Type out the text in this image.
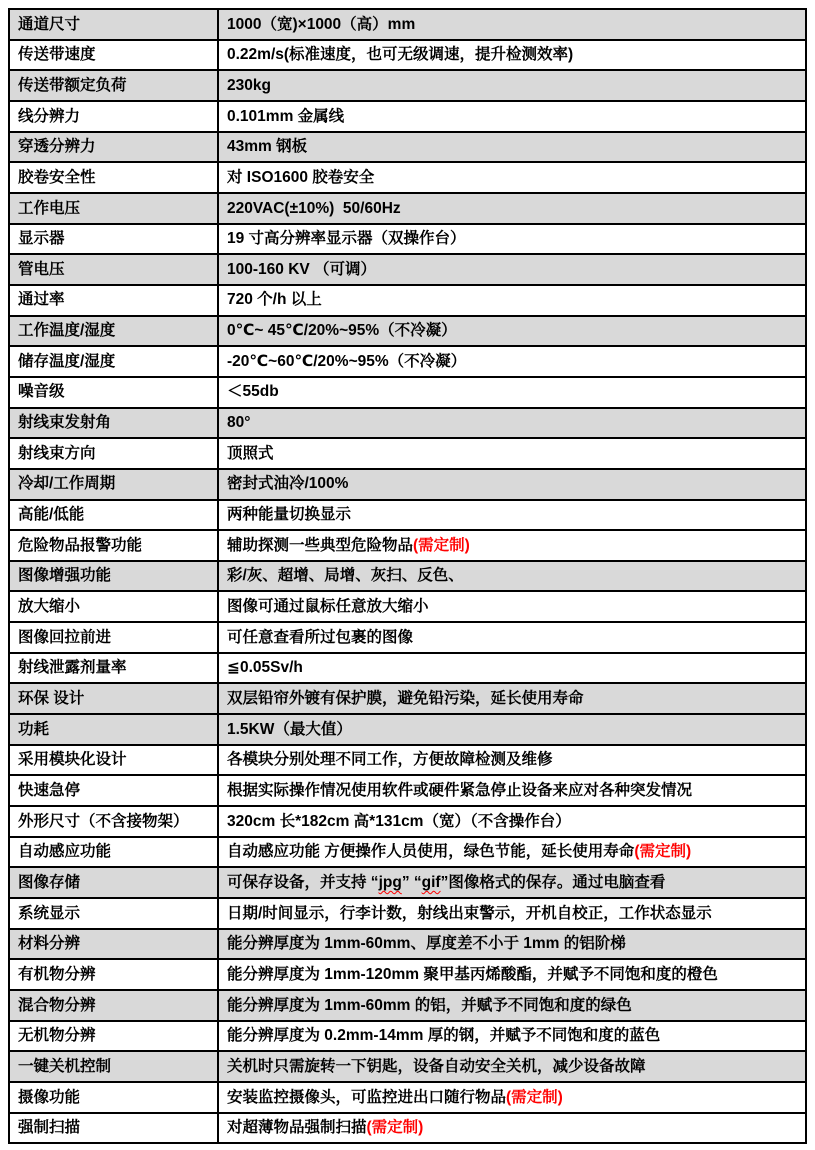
通道尺寸	1000（宽)×1000（高）mm
传送带速度	0.22m/s(标准速度，也可无级调速，提升检测效率)
传送带额定负荷	230kg
线分辨力	0.101mm 金属线
穿透分辨力	43mm 钢板
胶卷安全性	对 ISO1600 胶卷安全
工作电压	220VAC(±10%)  50/60Hz
显示器	19 寸高分辨率显示器（双操作台）
管电压	100-160 KV （可调）
通过率	720 个/h 以上
工作温度/湿度	0℃~ 45℃/20%~95%（不冷凝）
储存温度/湿度	-20℃~60℃/20%~95%（不冷凝）
噪音级	＜55db
射线束发射角	80°
射线束方向	顶照式
冷却/工作周期	密封式油冷/100%
高能/低能	两种能量切换显示
危险物品报警功能	辅助探测一些典型危险物品 (需定制)
图像增强功能	彩/灰、超增、局增、灰扫、反色、
放大缩小	图像可通过鼠标任意放大缩小
图像回拉前进	可任意查看所过包裹的图像
射线泄露剂量率	≦0.05Sv/h
环保 设计	双层铅帘外镀有保护膜，避免铅污染，延长使用寿命
功耗	1.5KW（最大值）
采用模块化设计	各模块分别处理不同工作，方便故障检测及维修
快速急停	根据实际操作情况使用软件或硬件紧急停止设备来应对各种突发情况
外形尺寸（不含接物架） 320cm 长*182cm 高*131cm（宽）（不含操作台）
自动感应功能	自动感应功能 方便操作人员使用，绿色节能，延长使用寿命 (需定制)
图像存储	可保存设备，并支持 “ jpg ” “ gif ”图像格式的保存。通过电脑查看
系统显示	日期/时间显示，行李计数，射线出束警示，开机自校正，工作状态显示
材料分辨	能分辨厚度为 1mm-60mm、厚度差不小于 1mm 的铝阶梯
有机物分辨	能分辨厚度为 1mm-120mm 聚甲基丙烯酸酯，并赋予不同饱和度的橙色
混合物分辨	能分辨厚度为 1mm-60mm 的铝，并赋予不同饱和度的绿色
无机物分辨	能分辨厚度为 0.2mm-14mm 厚的钢，并赋予不同饱和度的蓝色
一键关机控制	关机时只需旋转一下钥匙，设备自动安全关机，减少设备故障
摄像功能	安装监控摄像头，可监控进出口随行物品 (需定制)
强制扫描	对超薄物品强制扫描 (需定制)
